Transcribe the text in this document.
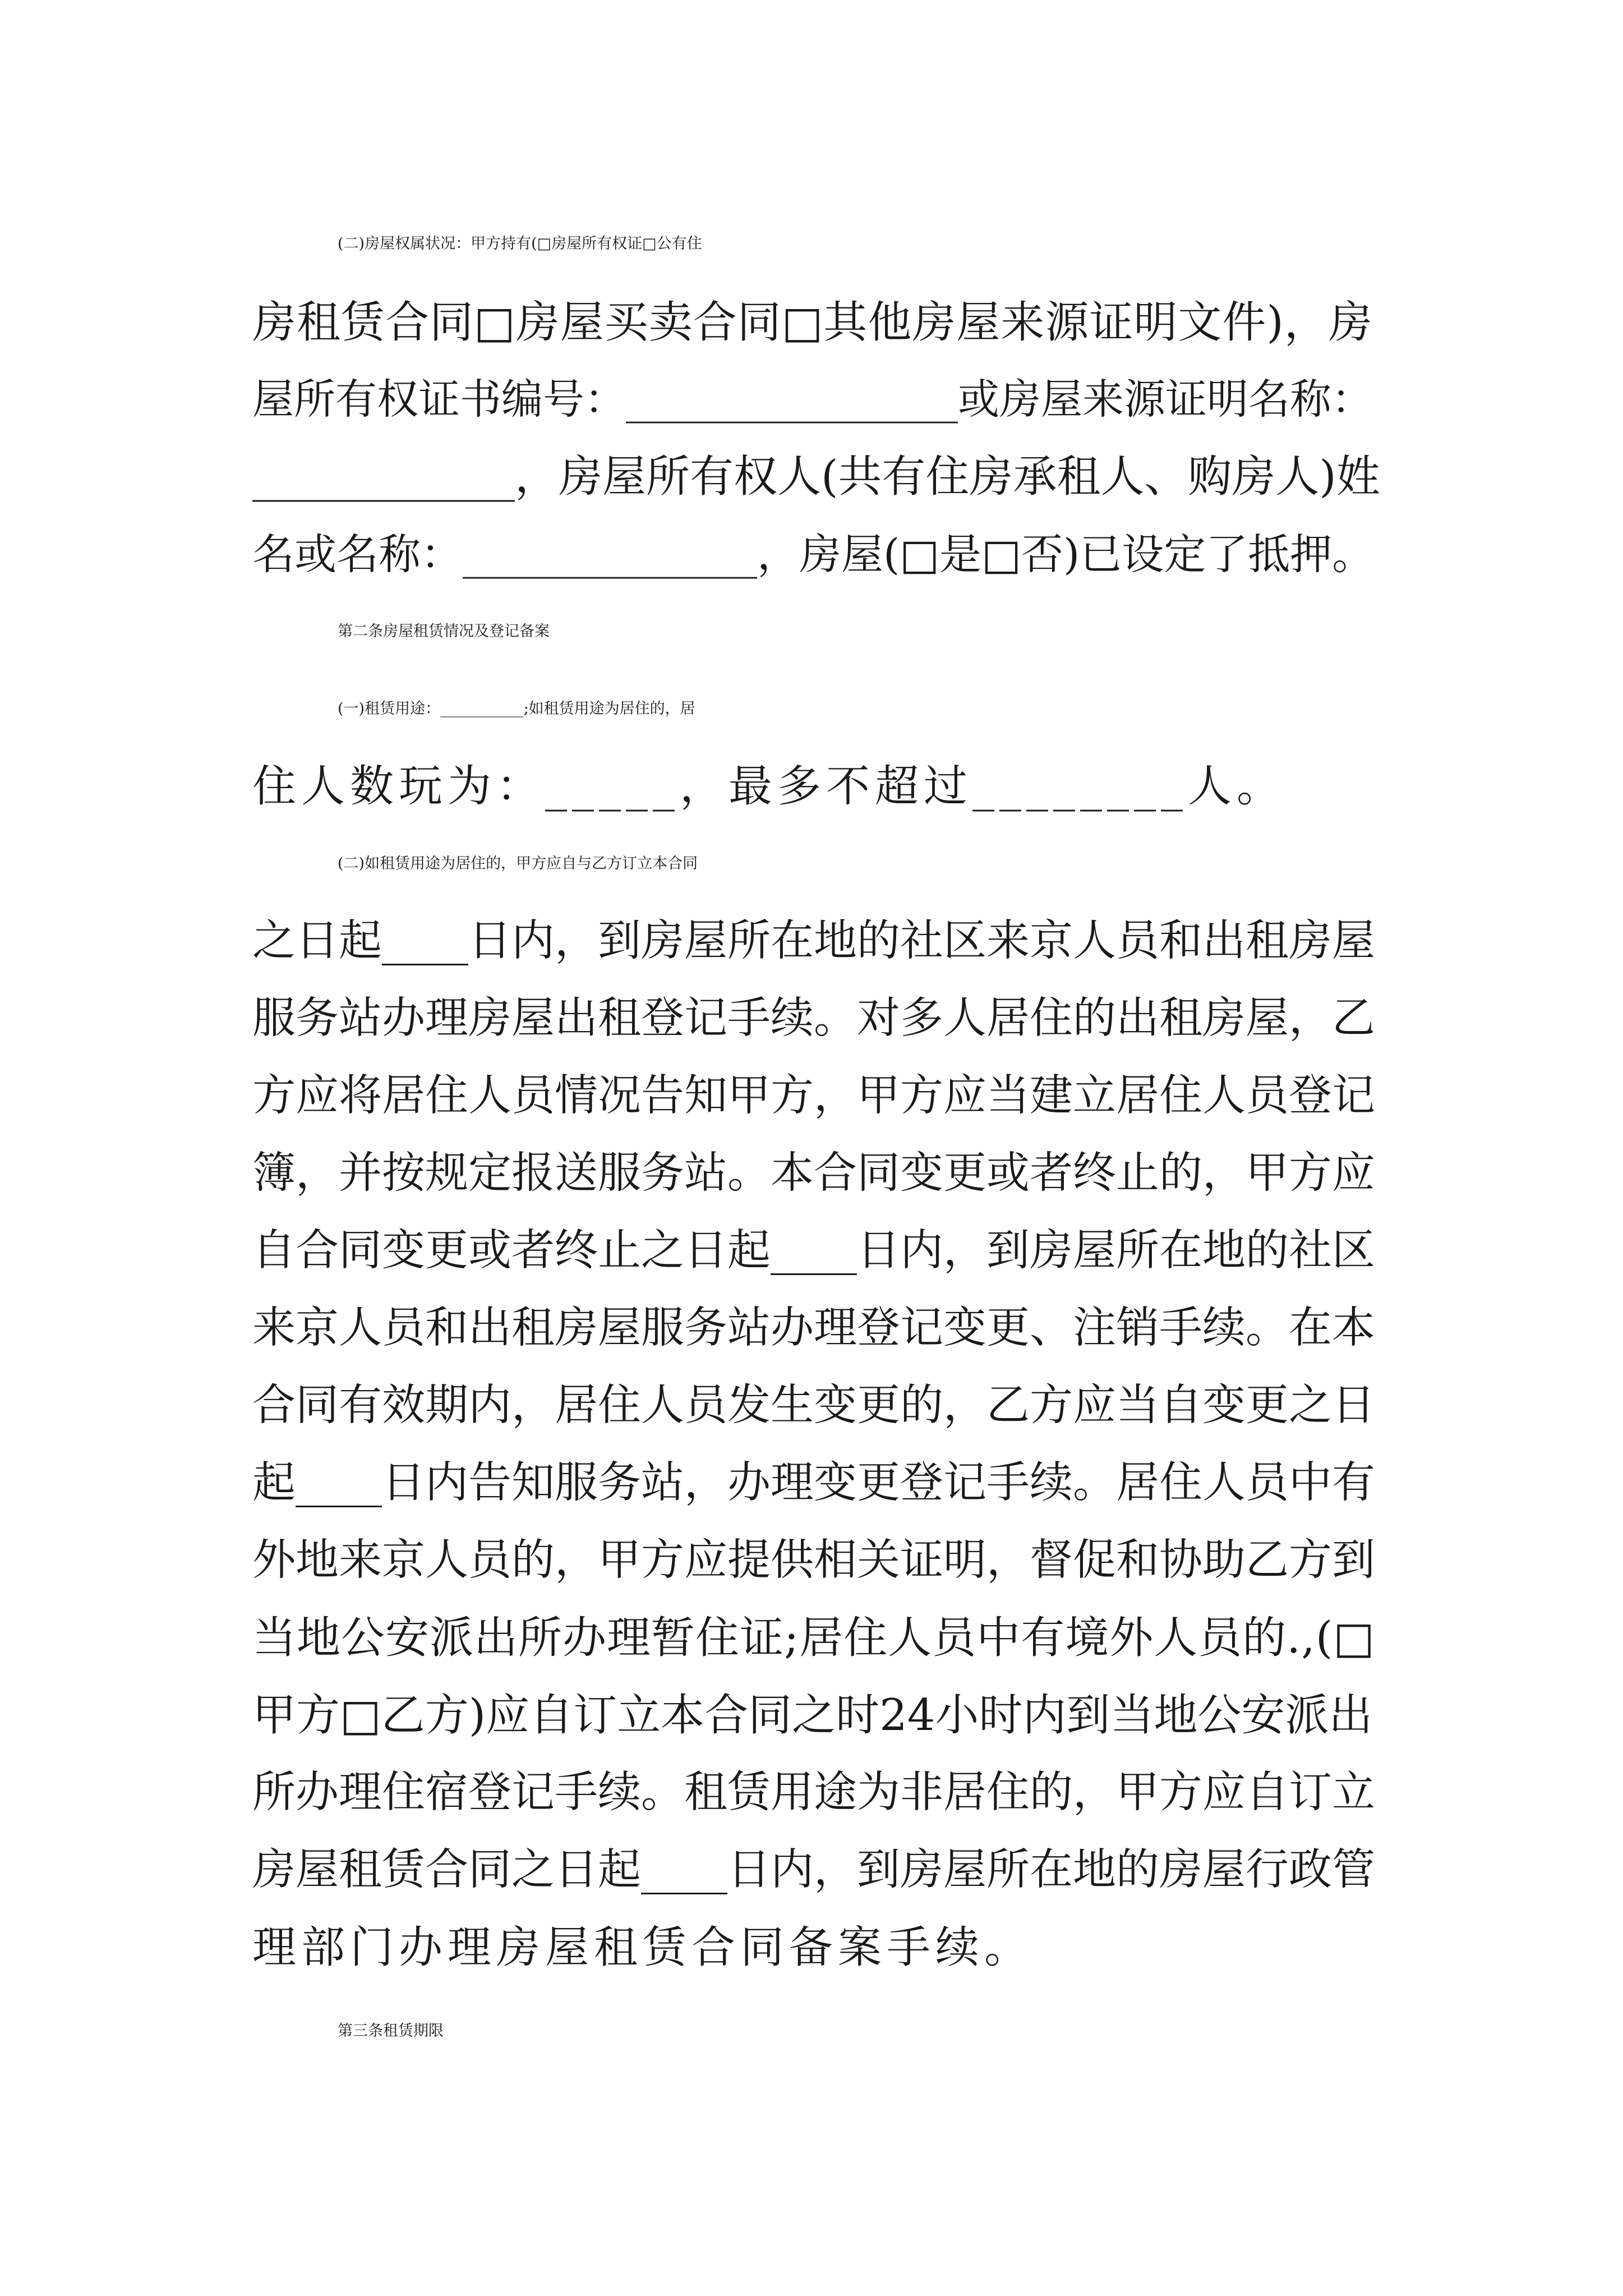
(二)房屋权属状况：甲方持有(□房屋所有权证□公有住
房租赁合同□房屋买卖合同□其他房屋来源证明文件)，房
屋所有权证书编号：________________或房屋来源证明名称：
____________，房屋所有权人(共有住房承租人、购房人)姓
名或名称：______________，房屋(□是□否)已设定了抵押。
第二条房屋租赁情况及登记备案
(一)租赁用途：___________;如租赁用途为居住的，居
住人数玩为：_____，最多不超过________人。
(二)如租赁用途为居住的，甲方应自与乙方订立本合同
之日起____日内，到房屋所在地的社区来京人员和出租房屋
服务站办理房屋出租登记手续。对多人居住的出租房屋，乙
方应将居住人员情况告知甲方，甲方应当建立居住人员登记
簿，并按规定报送服务站。本合同变更或者终止的，甲方应
自合同变更或者终止之日起____日内，到房屋所在地的社区
来京人员和出租房屋服务站办理登记变更、注销手续。在本
合同有效期内，居住人员发生变更的，乙方应当自变更之日
起____日内告知服务站，办理变更登记手续。居住人员中有
外地来京人员的，甲方应提供相关证明，督促和协助乙方到
当地公安派出所办理暂住证;居住人员中有境外人员的.,(□
甲方□乙方)应自订立本合同之时24小时内到当地公安派出
所办理住宿登记手续。租赁用途为非居住的，甲方应自订立
房屋租赁合同之日起____日内，到房屋所在地的房屋行政管
理部门办理房屋租赁合同备案手续。
第三条租赁期限
